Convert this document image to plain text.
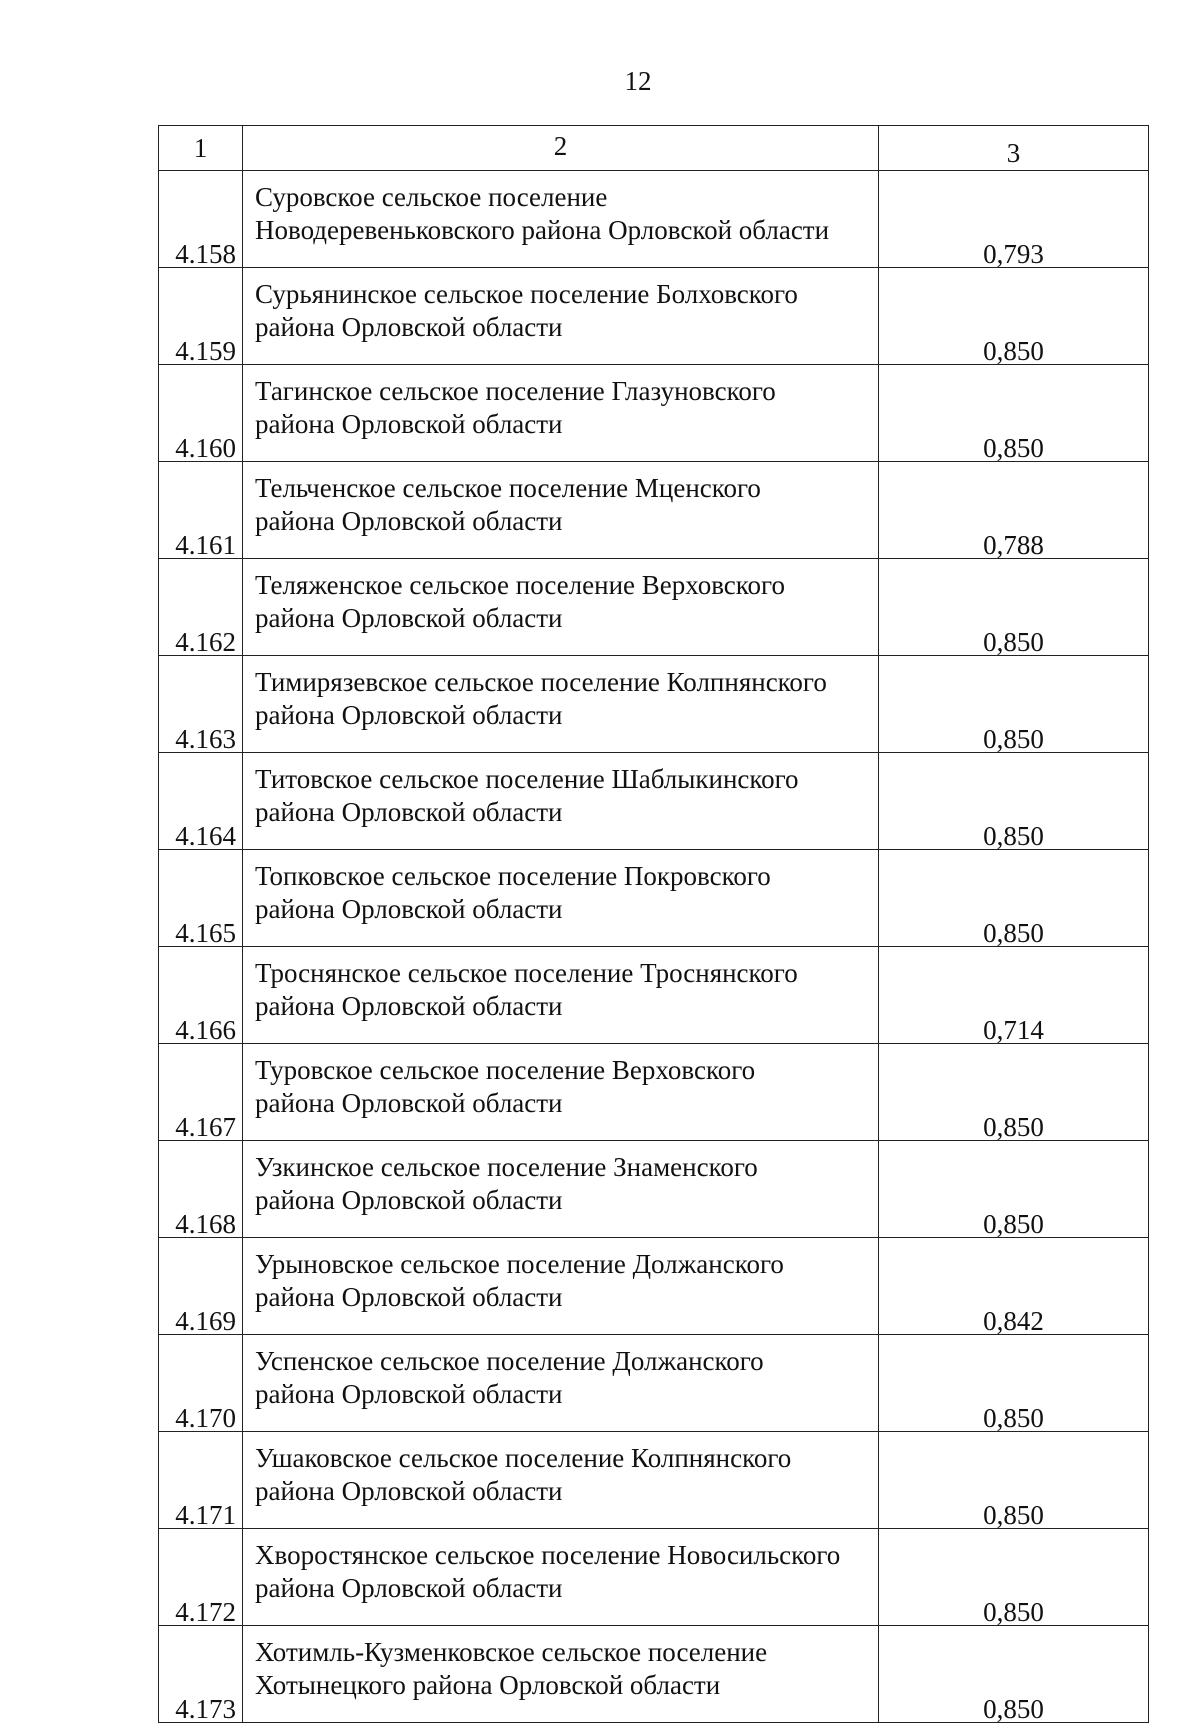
12
1	2	3
4.158	Суровское сельское поселение
Новодеревеньковского района Орловской области	0,793
4.159	Сурьянинское сельское поселение Болховского
района Орловской области	0,850
4.160	Тагинское сельское поселение Глазуновского
района Орловской области	0,850
4.161	Тельченское сельское поселение Мценского
района Орловской области	0,788
4.162	Теляженское сельское поселение Верховского
района Орловской области	0,850
4.163	Тимирязевское сельское поселение Колпнянского
района Орловской области	0,850
4.164	Титовское сельское поселение Шаблыкинского
района Орловской области	0,850
4.165	Топковское сельское поселение Покровского
района Орловской области	0,850
4.166	Троснянское сельское поселение Троснянского
района Орловской области	0,714
4.167	Туровское сельское поселение Верховского
района Орловской области	0,850
4.168	Узкинское сельское поселение Знаменского
района Орловской области	0,850
4.169	Урыновское сельское поселение Должанского
района Орловской области	0,842
4.170	Успенское сельское поселение Должанского
района Орловской области	0,850
4.171	Ушаковское сельское поселение Колпнянского
района Орловской области	0,850
4.172	Хворостянское сельское поселение Новосильского
района Орловской области	0,850
4.173	Хотимль-Кузменковское сельское поселение
Хотынецкого района Орловской области	0,850
